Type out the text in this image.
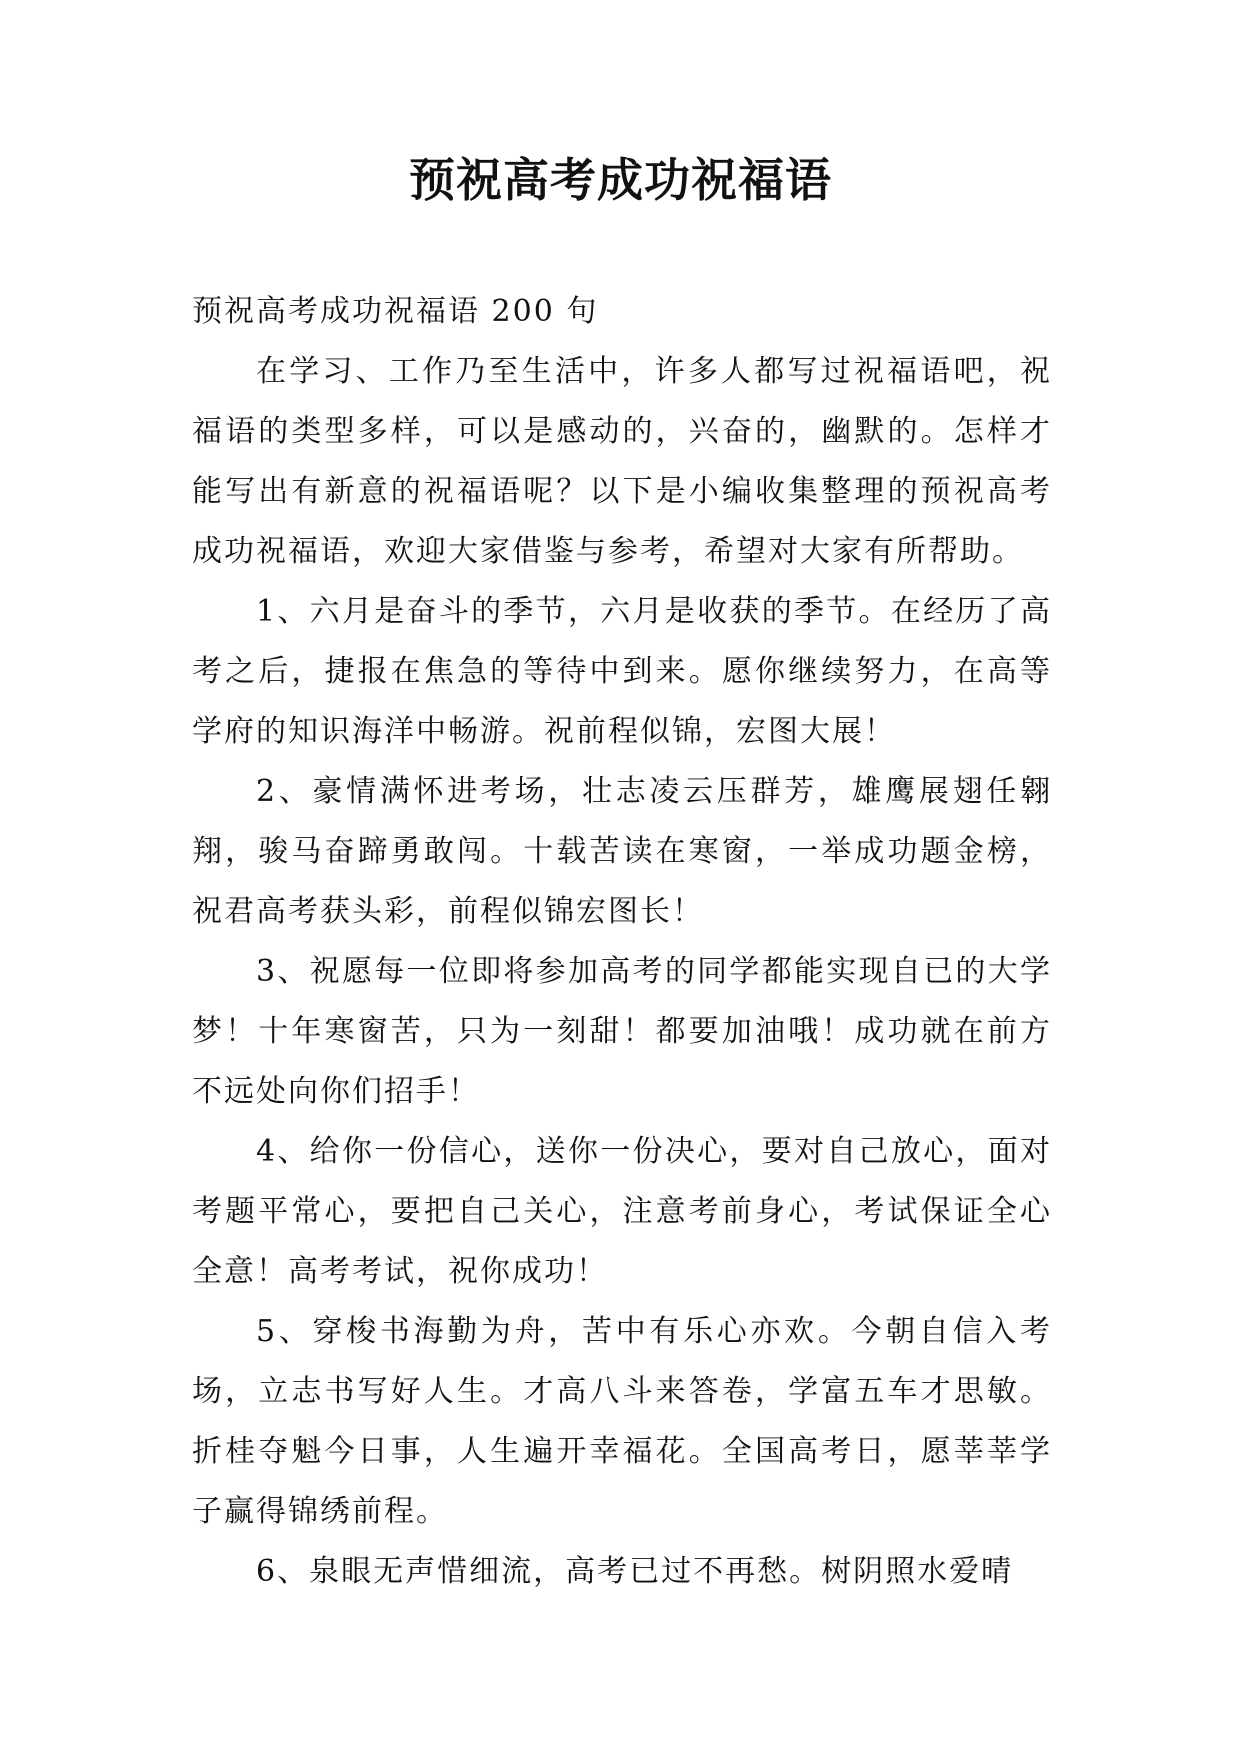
预祝高考成功祝福语

预祝高考成功祝福语 200 句

在学习、工作乃至生活中，许多人都写过祝福语吧，祝福语的类型多样，可以是感动的，兴奋的，幽默的。怎样才能写出有新意的祝福语呢？以下是小编收集整理的预祝高考成功祝福语，欢迎大家借鉴与参考，希望对大家有所帮助。

1、六月是奋斗的季节，六月是收获的季节。在经历了高考之后，捷报在焦急的等待中到来。愿你继续努力，在高等学府的知识海洋中畅游。祝前程似锦，宏图大展！

2、豪情满怀进考场，壮志凌云压群芳，雄鹰展翅任翱翔，骏马奋蹄勇敢闯。十载苦读在寒窗，一举成功题金榜，祝君高考获头彩，前程似锦宏图长！

3、祝愿每一位即将参加高考的同学都能实现自已的大学梦！十年寒窗苦，只为一刻甜！都要加油哦！成功就在前方不远处向你们招手！

4、给你一份信心，送你一份决心，要对自己放心，面对考题平常心，要把自己关心，注意考前身心，考试保证全心全意！高考考试，祝你成功！

5、穿梭书海勤为舟，苦中有乐心亦欢。今朝自信入考场，立志书写好人生。才高八斗来答卷，学富五车才思敏。折桂夺魁今日事，人生遍开幸福花。全国高考日，愿莘莘学子赢得锦绣前程。

6、泉眼无声惜细流，高考已过不再愁。树阴照水爱晴
